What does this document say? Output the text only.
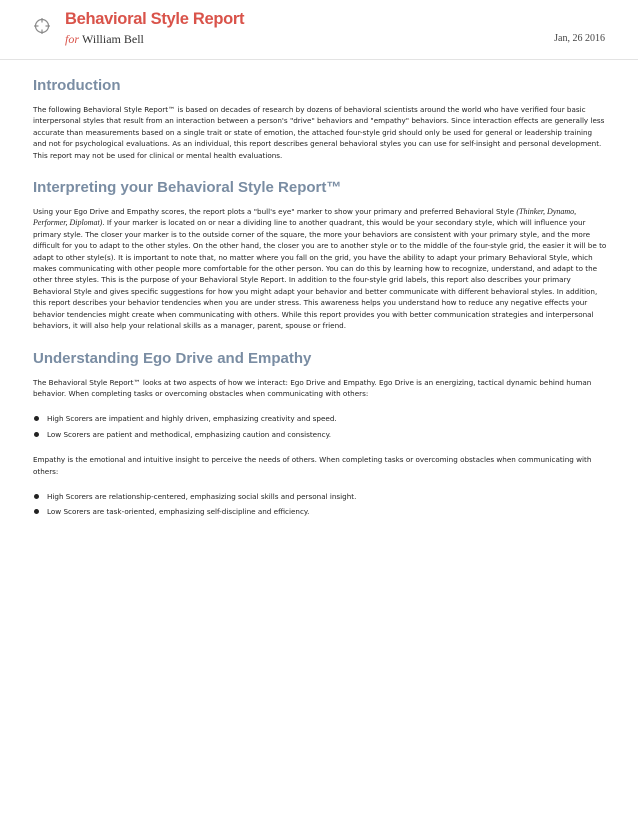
Behavioral Style Report
for William Bell	Jan, 26 2016
Introduction

The following Behavioral Style Report™ is based on decades of research by dozens of behavioral scientists around the world who have verified four basic interpersonal styles that result from an interaction between a person's "drive" behaviors and "empathy" behaviors. Since interaction effects are generally less accurate than measurements based on a single trait or state of emotion, the attached four-style grid should only be used for general or leadership training and not for psychological evaluations. As an individual, this report describes general behavioral styles you can use for self-insight and personal development. This report may not be used for clinical or mental health evaluations.

Interpreting your Behavioral Style Report™

Using your Ego Drive and Empathy scores, the report plots a "bull's eye" marker to show your primary and preferred Behavioral Style (Thinker, Dynamo, Performer, Diplomat). If your marker is located on or near a dividing line to another quadrant, this would be your secondary style, which will influence your primary style. The closer your marker is to the outside corner of the square, the more your behaviors are consistent with your primary style, and the more difficult for you to adapt to the other styles. On the other hand, the closer you are to another style or to the middle of the four-style grid, the easier it will be to adapt to other style(s). It is important to note that, no matter where you fall on the grid, you have the ability to adapt your primary Behavioral Style, which makes communicating with other people more comfortable for the other person. You can do this by learning how to recognize, understand, and adapt to the other three styles. This is the purpose of your Behavioral Style Report. In addition to the four-style grid labels, this report also describes your primary Behavioral Style and gives specific suggestions for how you might adapt your behavior and better communicate with different behavioral styles. In addition, this report describes your behavior tendencies when you are under stress. This awareness helps you understand how to reduce any negative effects your behavior tendencies might create when communicating with others. While this report provides you with better communication strategies and interpersonal behaviors, it will also help your relational skills as a manager, parent, spouse or friend.

Understanding Ego Drive and Empathy

The Behavioral Style Report™ looks at two aspects of how we interact: Ego Drive and Empathy. Ego Drive is an energizing, tactical dynamic behind human behavior. When completing tasks or overcoming obstacles when communicating with others:

High Scorers are impatient and highly driven, emphasizing creativity and speed.
Low Scorers are patient and methodical, emphasizing caution and consistency.

Empathy is the emotional and intuitive insight to perceive the needs of others. When completing tasks or overcoming obstacles when communicating with others:

High Scorers are relationship-centered, emphasizing social skills and personal insight.
Low Scorers are task-oriented, emphasizing self-discipline and efficiency.
